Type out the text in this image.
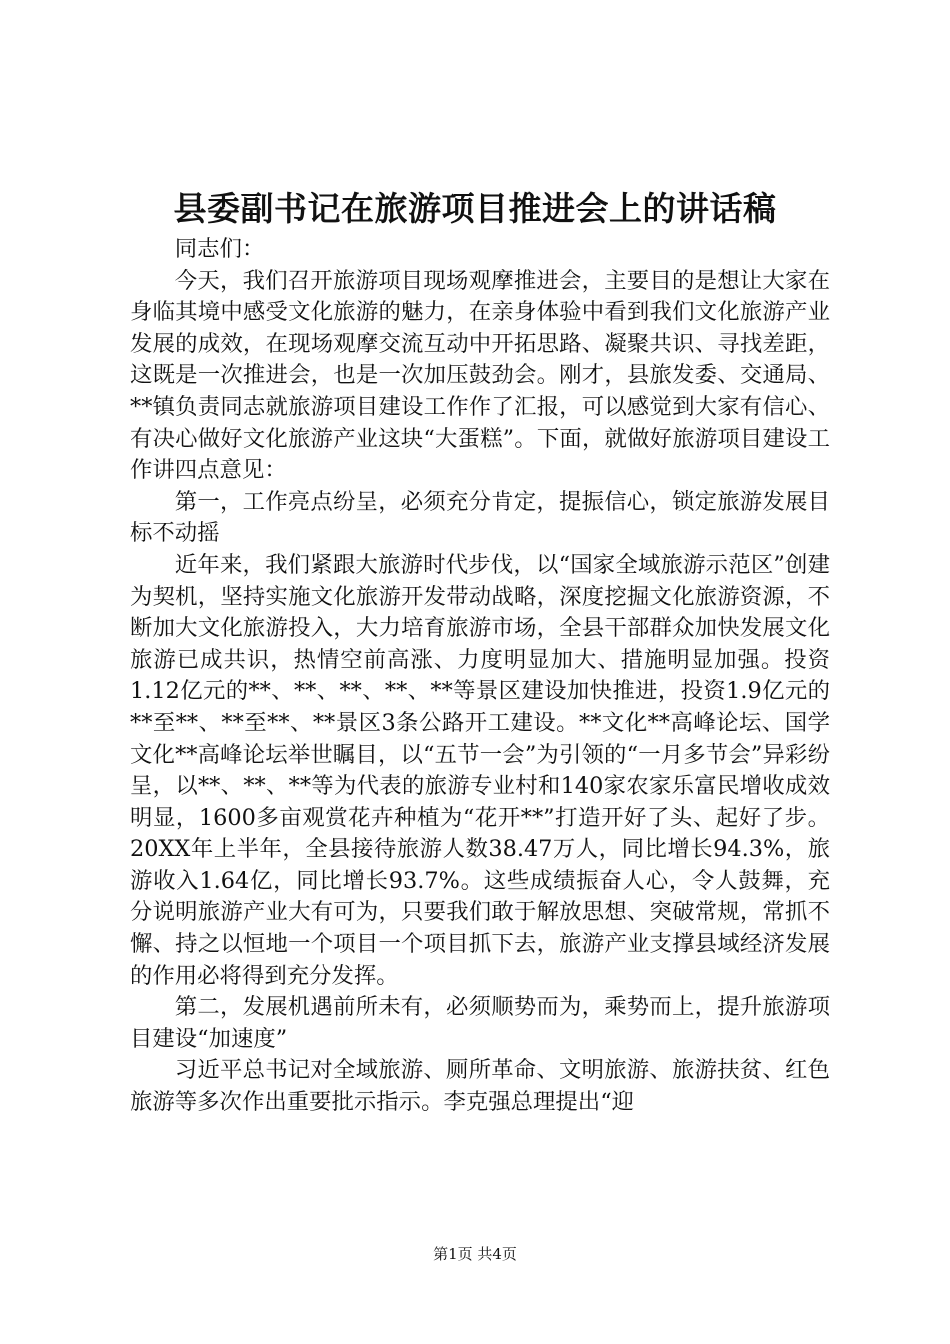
县委副书记在旅游项目推进会上的讲话稿

同志们：

今天，我们召开旅游项目现场观摩推进会，主要目的是想让大家在身临其境中感受文化旅游的魅力，在亲身体验中看到我们文化旅游产业发展的成效，在现场观摩交流互动中开拓思路、凝聚共识、寻找差距，这既是一次推进会，也是一次加压鼓劲会。刚才，县旅发委、交通局、**镇负责同志就旅游项目建设工作作了汇报，可以感觉到大家有信心、有决心做好文化旅游产业这块“大蛋糕”。下面，就做好旅游项目建设工作讲四点意见：

第一，工作亮点纷呈，必须充分肯定，提振信心，锁定旅游发展目标不动摇

近年来，我们紧跟大旅游时代步伐，以“国家全域旅游示范区”创建为契机，坚持实施文化旅游开发带动战略，深度挖掘文化旅游资源，不断加大文化旅游投入，大力培育旅游市场，全县干部群众加快发展文化旅游已成共识，热情空前高涨、力度明显加大、措施明显加强。投资1.12亿元的**、**、**、**、**等景区建设加快推进，投资1.9亿元的**至**、**至**、**景区3条公路开工建设。**文化**高峰论坛、国学文化**高峰论坛举世瞩目，以“五节一会”为引领的“一月多节会”异彩纷呈，以**、**、**等为代表的旅游专业村和140家农家乐富民增收成效明显，1600多亩观赏花卉种植为“花开**”打造开好了头、起好了步。20XX年上半年，全县接待旅游人数38.47万人，同比增长94.3%，旅游收入1.64亿，同比增长93.7%。这些成绩振奋人心，令人鼓舞，充分说明旅游产业大有可为，只要我们敢于解放思想、突破常规，常抓不懈、持之以恒地一个项目一个项目抓下去，旅游产业支撑县域经济发展的作用必将得到充分发挥。

第二，发展机遇前所未有，必须顺势而为，乘势而上，提升旅游项目建设“加速度”

习近平总书记对全域旅游、厕所革命、文明旅游、旅游扶贫、红色旅游等多次作出重要批示指示。李克强总理提出“迎

第1页 共4页
